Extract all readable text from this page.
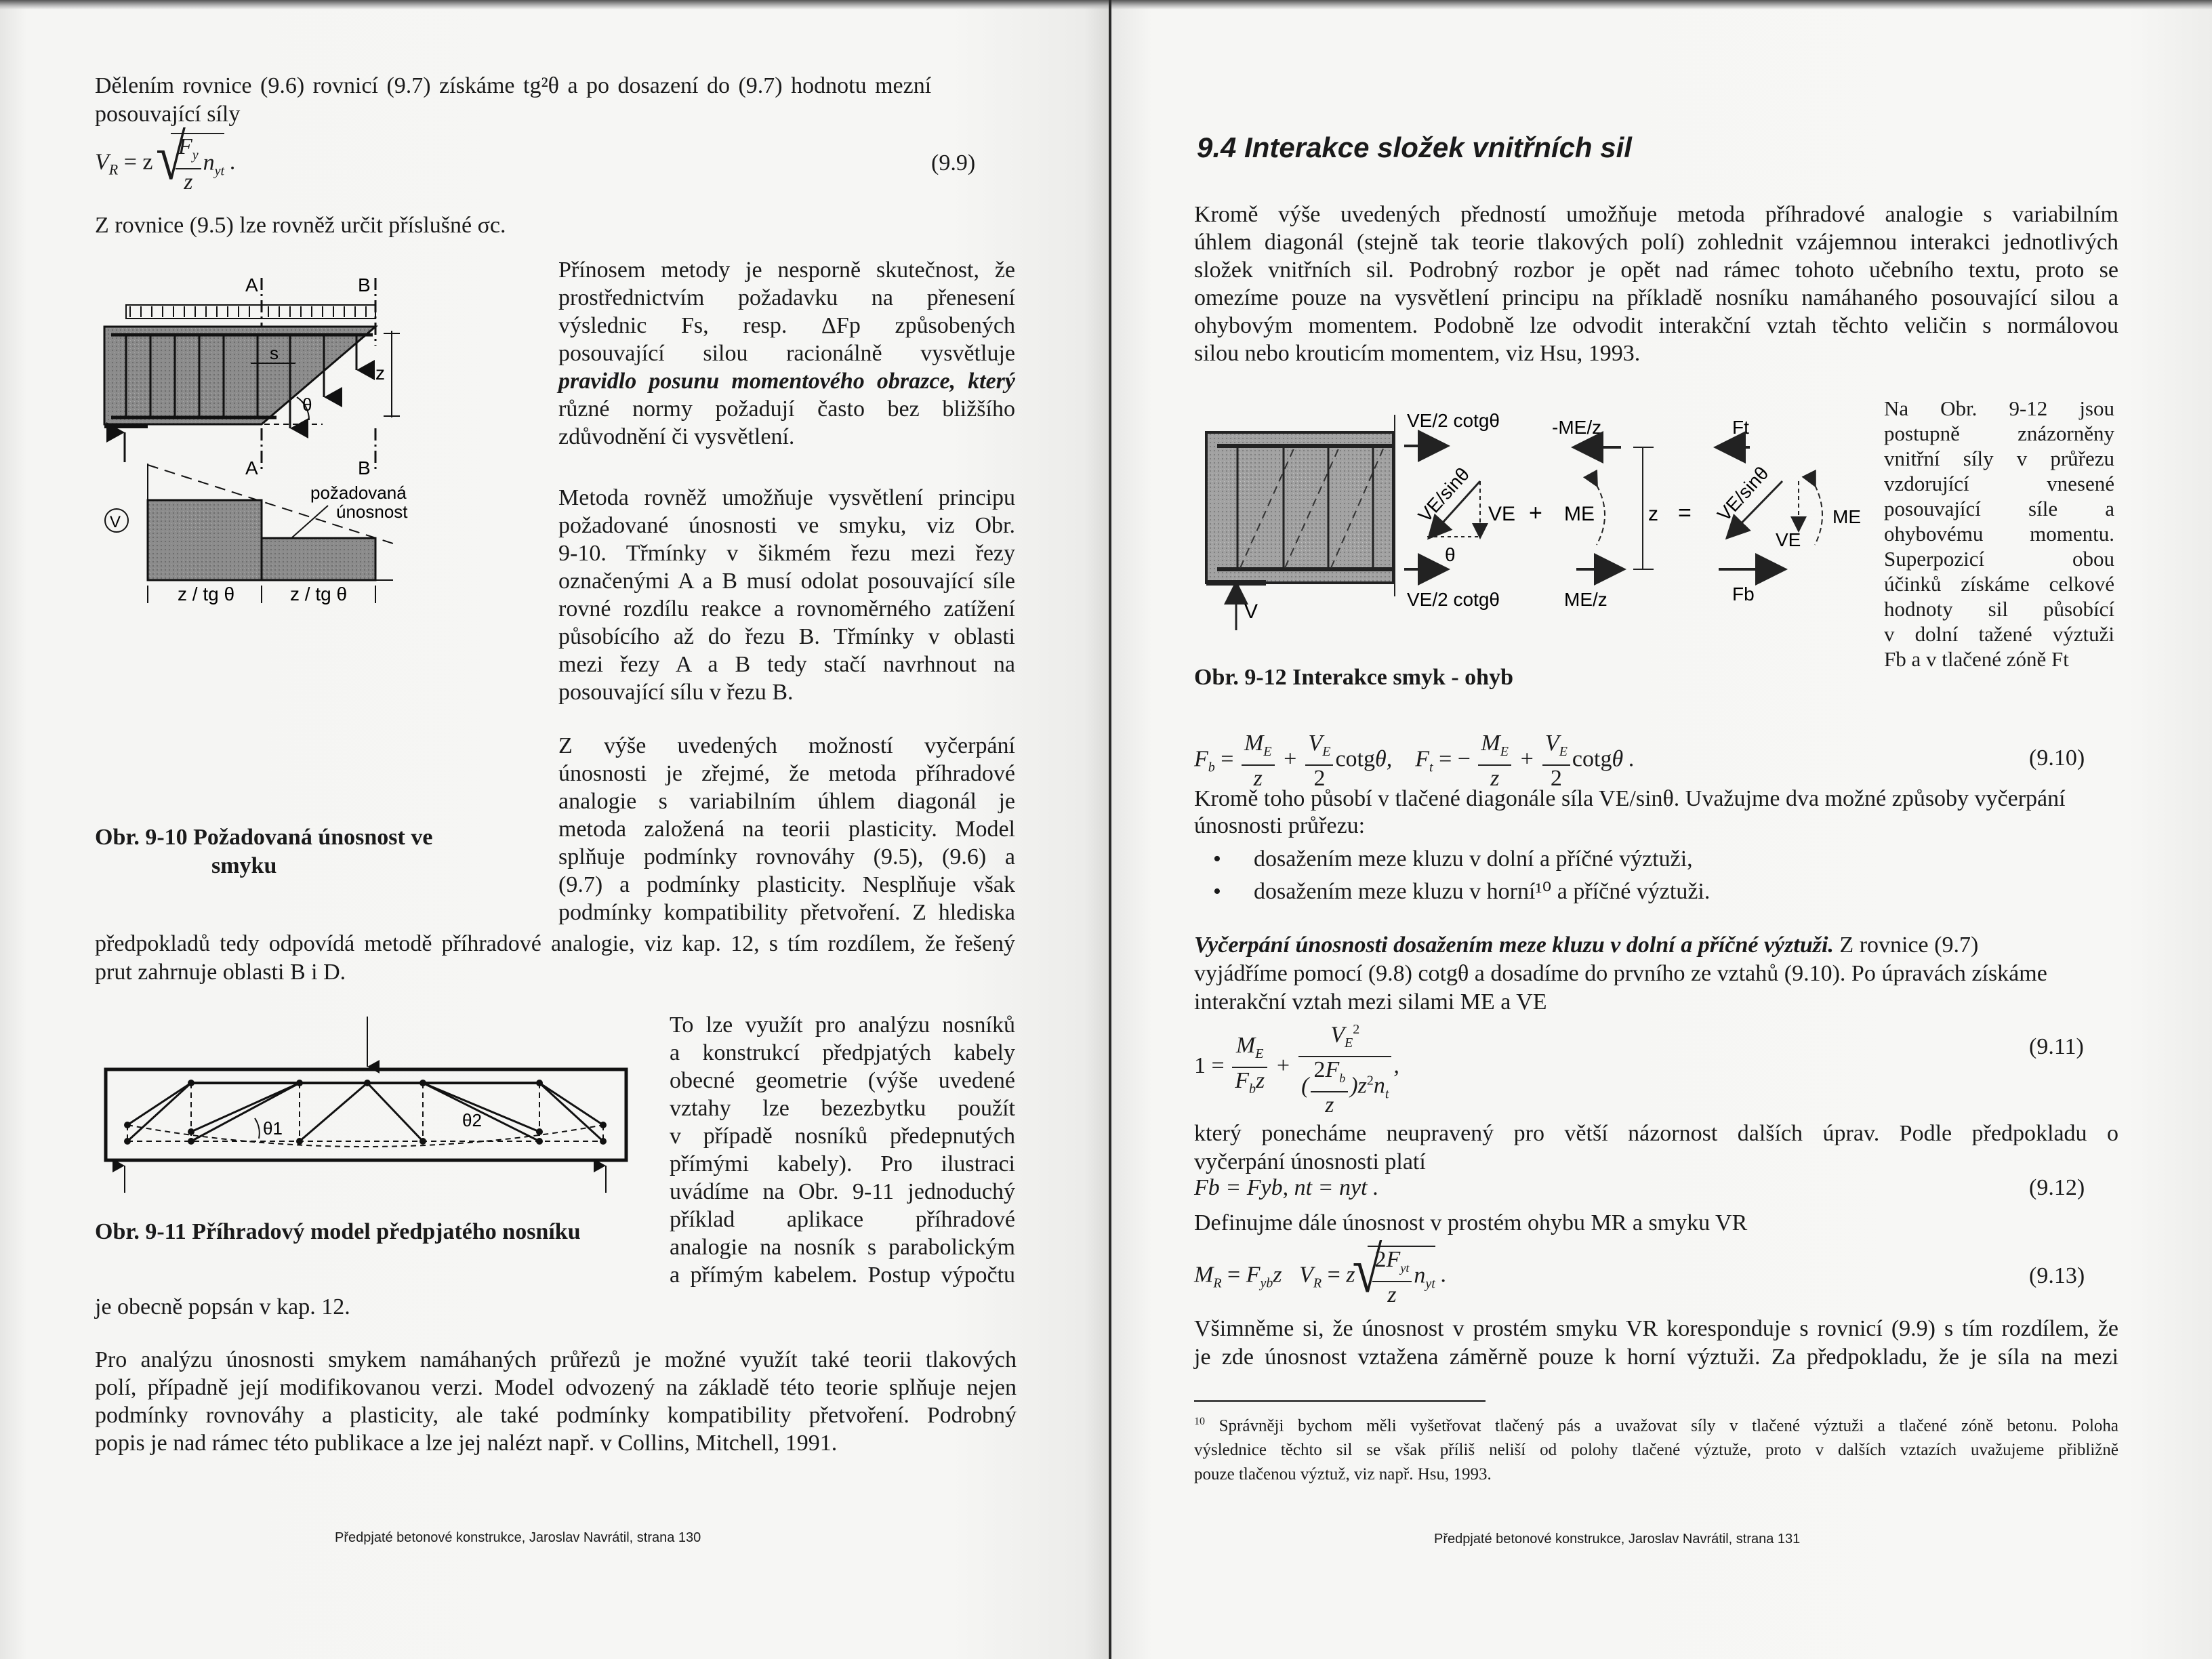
Dělením rovnice (9.6) rovnicí (9.7) získáme tg²θ a po dosazení do (9.7) hodnotu mezní
posouvající síly
$V_R = z$ √ $\frac{F_y}{z} n_{yt}$ .	(9.9)
Z rovnice (9.5) lze rovněž určit příslušné σc.
A	B
s
θ
z
A	B
požadovaná
únosnost
V
z / tg θ	z / tg θ
Obr. 9-10 Požadovaná únosnost ve
smyku
Přínosem metody je nesporně skutečnost, že
prostřednictvím požadavku na přenesení
výslednic Fs, resp. ΔFp způsobených
posouvající silou racionálně vysvětluje
pravidlo posunu momentového obrazce, který
různé normy požadují často bez bližšího
zdůvodnění či vysvětlení.
Metoda rovněž umožňuje vysvětlení principu
požadované únosnosti ve smyku, viz Obr.
9-10. Třmínky v šikmém řezu mezi řezy
označenými A a B musí odolat posouvající síle
rovné rozdílu reakce a rovnoměrného zatížení
působícího až do řezu B. Třmínky v oblasti
mezi řezy A a B tedy stačí navrhnout na
posouvající sílu v řezu B.
Z výše uvedených možností vyčerpání
únosnosti je zřejmé, že metoda příhradové
analogie s variabilním úhlem diagonál je
metoda založená na teorii plasticity. Model
splňuje podmínky rovnováhy (9.5), (9.6) a
(9.7) a podmínky plasticity. Nesplňuje však
podmínky kompatibility přetvoření. Z hlediska
předpokladů tedy odpovídá metodě příhradové analogie, viz kap. 12, s tím rozdílem, že řešený
prut zahrnuje oblasti B i D.
θ1	θ2
Obr. 9-11 Příhradový model předpjatého nosníku
To lze využít pro analýzu nosníků
a konstrukcí předpjatých kabely
obecné geometrie (výše uvedené
vztahy lze bezezbytku použít
v případě nosníků předepnutých
přímými kabely). Pro ilustraci
uvádíme na Obr. 9-11 jednoduchý
příklad aplikace příhradové
analogie na nosník s parabolickým
a přímým kabelem. Postup výpočtu
je obecně popsán v kap. 12.
Pro analýzu únosnosti smykem namáhaných průřezů je možné využít také teorii tlakových
polí, případně její modifikovanou verzi. Model odvozený na základě této teorie splňuje nejen
podmínky rovnováhy a plasticity, ale také podmínky kompatibility přetvoření. Podrobný
popis je nad rámec této publikace a lze jej nalézt např. v Collins, Mitchell, 1991.
Předpjaté betonové konstrukce, Jaroslav Navrátil, strana 130
9.4 Interakce složek vnitřních sil
Kromě výše uvedených předností umožňuje metoda příhradové analogie s variabilním
úhlem diagonál (stejně tak teorie tlakových polí) zohlednit vzájemnou interakci jednotlivých
složek vnitřních sil. Podrobný rozbor je opět nad rámec tohoto učebního textu, proto se
omezíme pouze na vysvětlení principu na příkladě nosníku namáhaného posouvající silou a
ohybovým momentem. Podobně lze odvodit interakční vztah těchto veličin s normálovou
silou nebo krouticím momentem, viz Hsu, 1993.
V
VE/2 cotgθ
VE/2 cotgθ
VE/sinθ
θ
VE +
-ME/z
ME
ME/z
z =
Ft
VE/sinθ
VE
ME
Fb
Obr. 9-12 Interakce smyk - ohyb
Na Obr. 9-12 jsou
postupně znázorněny
vnitřní síly v průřezu
vzdorující vnesené
posouvající síle a
ohybovému momentu.
Superpozicí obou
účinků získáme celkové
hodnoty sil působící
v dolní tažené výztuži
Fb a v tlačené zóně Ft
$F_b = \frac{M_E}{z} + \frac{V_E}{2} \cot g\theta$,    $F_t$ = − $\frac{M_E}{z} + \frac{V_E}{2}$ cotgθ .	(9.10)
Kromě toho působí v tlačené diagonále síla VE/sinθ. Uvažujme dva možné způsoby vyčerpání
únosnosti průřezu:
• dosažením meze kluzu v dolní a příčné výztuži,
• dosažením meze kluzu v horní¹⁰ a příčné výztuži.
Vyčerpání únosnosti dosažením meze kluzu v dolní a příčné výztuži. Z rovnice (9.7)
vyjádříme pomocí (9.8) cotgθ a dosadíme do prvního ze vztahů (9.10). Po úpravách získáme
interakční vztah mezi silami ME a VE
$1 = \frac{M_E}{F_bz} + \frac{V_E^2}{( \frac{2F_b}{z} )z^2n_t}$ ,
(9.11)
který ponecháme neupravený pro větší názornost dalších úprav. Podle předpokladu o
vyčerpání únosnosti platí
Fb = Fyb, nt = nyt .	(9.12)
Definujme dále únosnost v prostém ohybu MR a smyku VR
$M_R = F_{yb}z$   $V_R = z$ √ $\frac{2F_{yt}}{z} n_{yt}$ .	(9.13)
Všimněme si, že únosnost v prostém smyku VR koresponduje s rovnicí (9.9) s tím rozdílem, že
je zde únosnost vztažena záměrně pouze k horní výztuži. Za předpokladu, že je síla na mezi
$^{10}$ Správněji bychom měli vyšetřovat tlačený pás a uvažovat síly v tlačené výztuži a tlačené zóně betonu. Poloha
výslednice těchto sil se však příliš neliší od polohy tlačené výztuže, proto v dalších vztazích uvažujeme přibližně
pouze tlačenou výztuž, viz např. Hsu, 1993.
Předpjaté betonové konstrukce, Jaroslav Navrátil, strana 131
